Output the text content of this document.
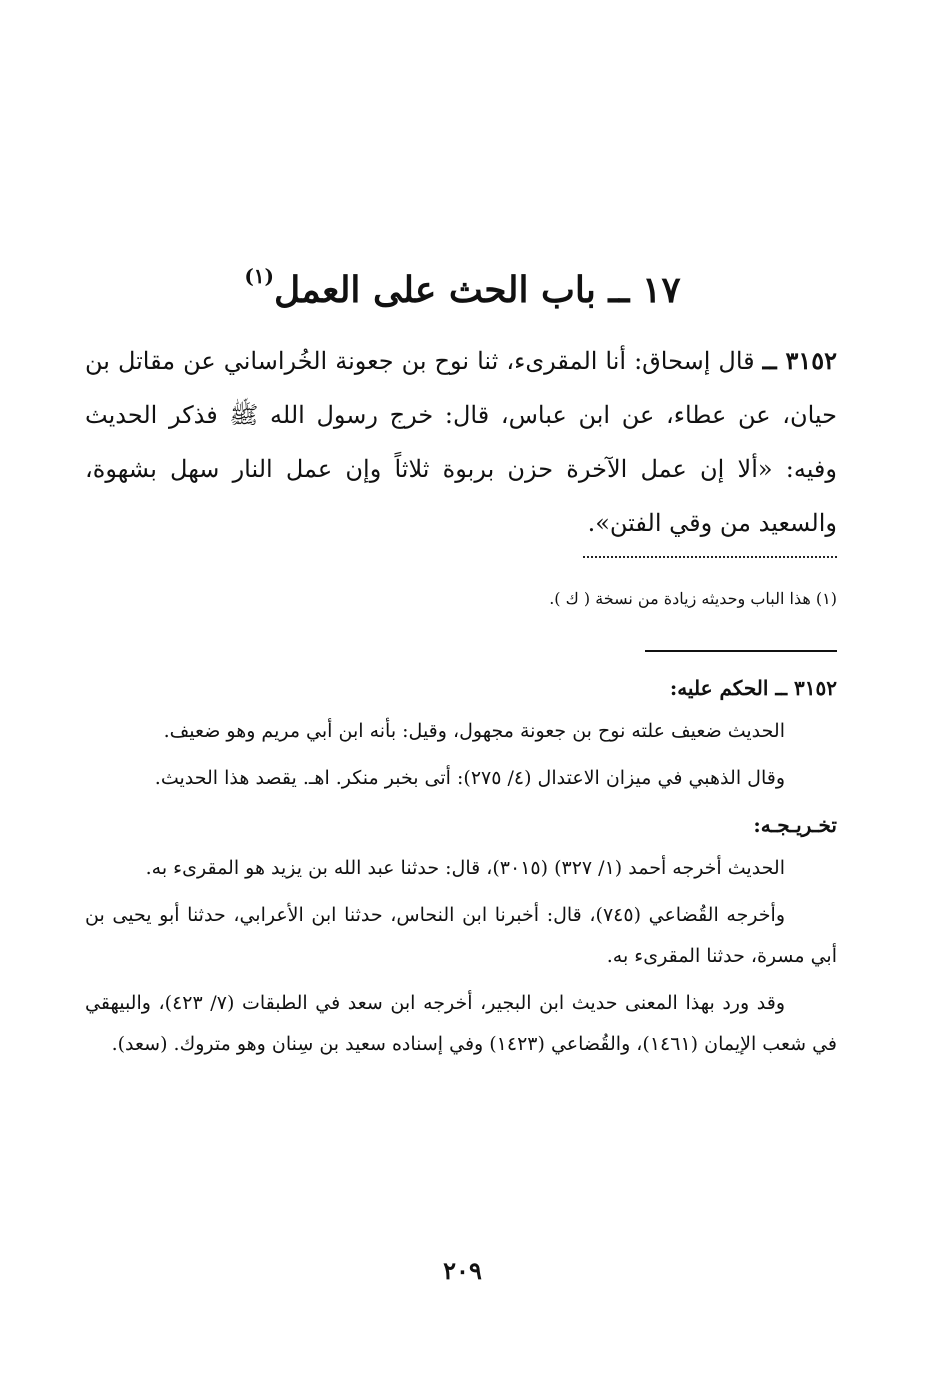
١٧ ــ باب الحث على العمل$^{(١)}$
٣١٥٢ ــ قال إسحاق: أنا المقرىء، ثنا نوح بن جعونة الخُراساني عن مقاتل بن حيان، عن عطاء، عن ابن عباس، قال: خرج رسول الله ﷺ فذكر الحديث وفيه: «ألا إن عمل الآخرة حزن بربوة ثلاثاً وإن عمل النار سهل بشهوة، والسعيد من وقي الفتن».
(١) هذا الباب وحديثه زيادة من نسخة ( ك ).

٣١٥٢ ــ الحكم عليه:

الحديث ضعيف علته نوح بن جعونة مجهول، وقيل: بأنه ابن أبي مريم وهو ضعيف.

وقال الذهبي في ميزان الاعتدال (٤/ ٢٧٥): أتى بخبر منكر. اهـ. يقصد هذا الحديث.

تخـريـجـه:

الحديث أخرجه أحمد (١/ ٣٢٧) (٣٠١٥)، قال: حدثنا عبد الله بن يزيد هو المقرىء به.

وأخرجه القُضاعي (٧٤٥)، قال: أخبرنا ابن النحاس، حدثنا ابن الأعرابي، حدثنا أبو يحيى بن أبي مسرة، حدثنا المقرىء به.

وقد ورد بهذا المعنى حديث ابن البجير، أخرجه ابن سعد في الطبقات (٧/ ٤٢٣)، والبيهقي في شعب الإيمان (١٤٦١)، والقُضاعي (١٤٢٣) وفي إسناده سعيد بن سِنان وهو متروك. (سعد).

٢٠٩
